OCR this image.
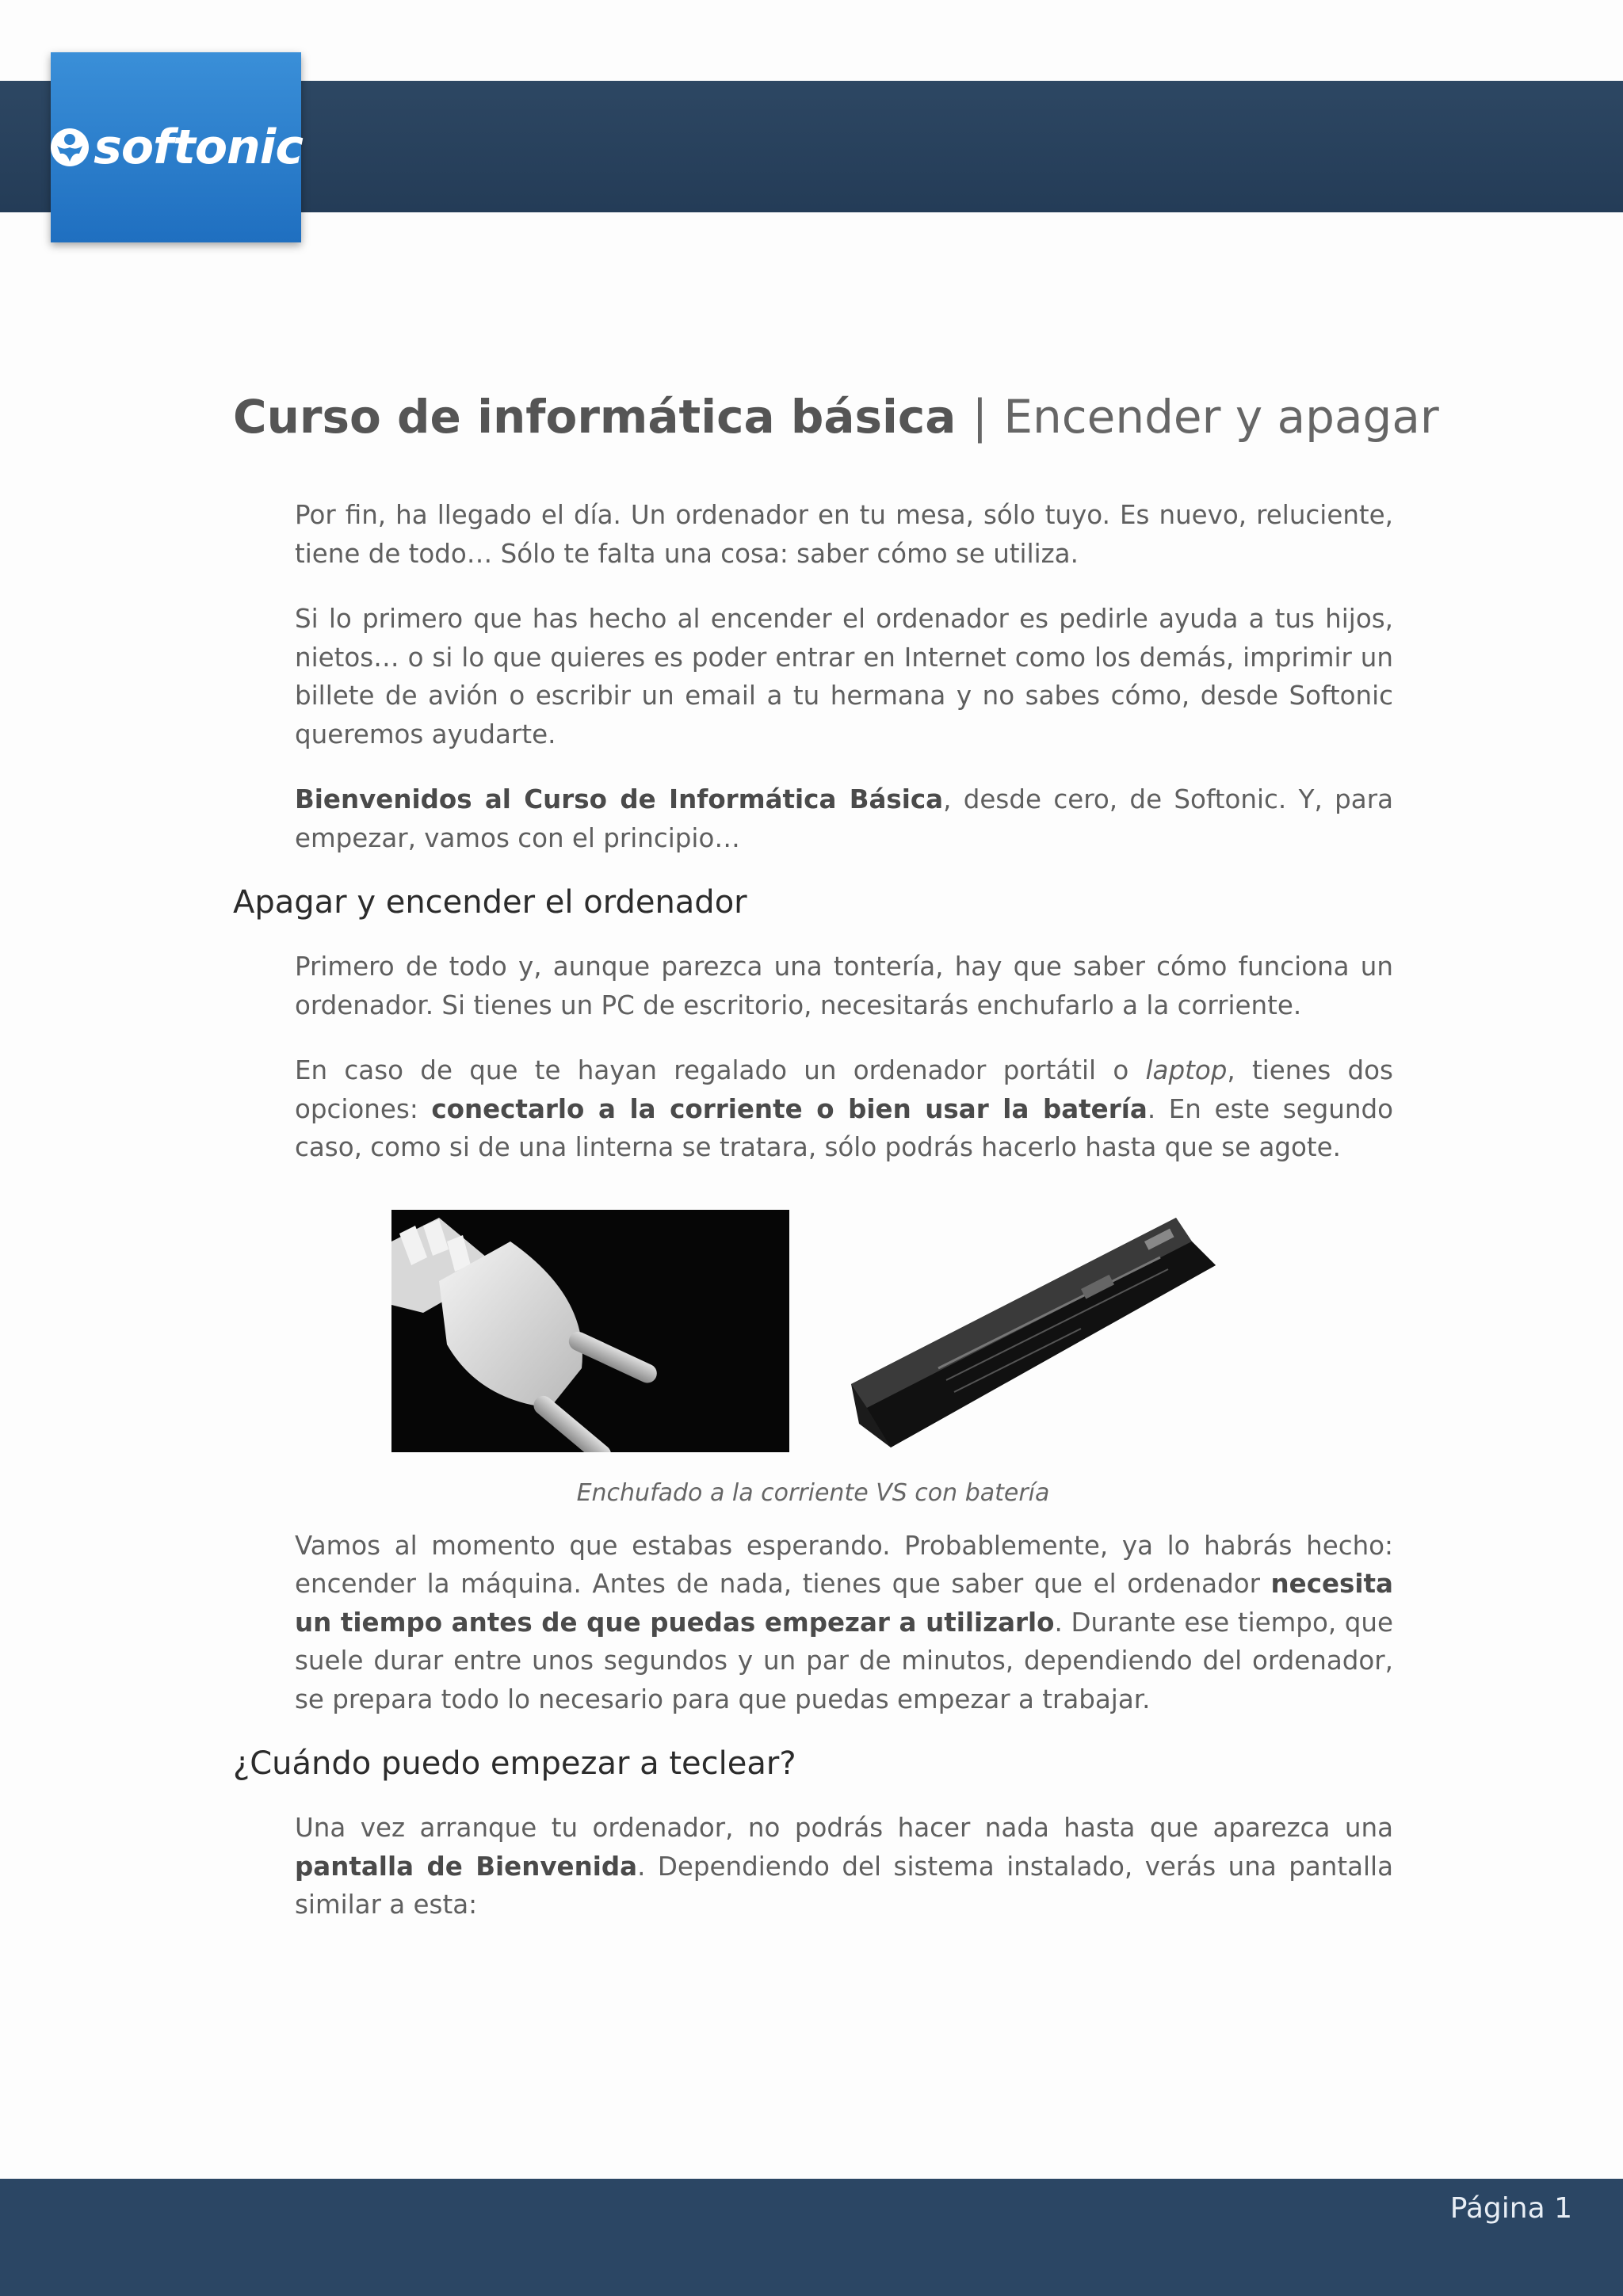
softonic
Curso de informática básica | Encender y apagar

Por fin, ha llegado el día. Un ordenador en tu mesa, sólo tuyo. Es nuevo, reluciente, tiene de todo… Sólo te falta una cosa: saber cómo se utiliza.

Si lo primero que has hecho al encender el ordenador es pedirle ayuda a tus hijos, nietos… o si lo que quieres es poder entrar en Internet como los demás, imprimir un billete de avión o escribir un email a tu hermana y no sabes cómo, desde Softonic queremos ayudarte.

Bienvenidos al Curso de Informática Básica, desde cero, de Softonic. Y, para empezar, vamos con el principio…

Apagar y encender el ordenador

Primero de todo y, aunque parezca una tontería, hay que saber cómo funciona un ordenador. Si tienes un PC de escritorio, necesitarás enchufarlo a la corriente.

En caso de que te hayan regalado un ordenador portátil o laptop, tienes dos opciones: conectarlo a la corriente o bien usar la batería. En este segundo caso, como si de una linterna se tratara, sólo podrás hacerlo hasta que se agote.

Enchufado a la corriente VS con batería

Vamos al momento que estabas esperando. Probablemente, ya lo habrás hecho: encender la máquina. Antes de nada, tienes que saber que el ordenador necesita un tiempo antes de que puedas empezar a utilizarlo. Durante ese tiempo, que suele durar entre unos segundos y un par de minutos, dependiendo del ordenador, se prepara todo lo necesario para que puedas empezar a trabajar.

¿Cuándo puedo empezar a teclear?

Una vez arranque tu ordenador, no podrás hacer nada hasta que aparezca una pantalla de Bienvenida. Dependiendo del sistema instalado, verás una pantalla similar a esta:

Página 1
